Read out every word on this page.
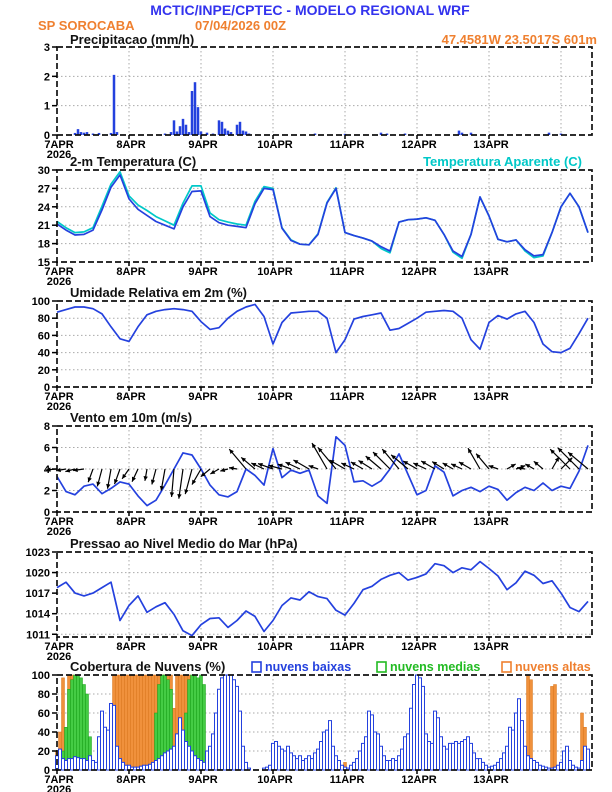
MCTIC/INPE/CPTEC - MODELO REGIONAL WRF
SP SOROCABA	07/04/2026 00Z
47.4581W 23.5017S 601m
Precipitacao (mm/h)
2-m Temperatura (C)	Temperatura Aparente (C)
Umidade Relativa em 2m (%)
Vento em 10m (m/s)
Pressao ao Nivel Medio do Mar (hPa)
Cobertura de Nuvens (%)	nuvens baixas	nuvens medias	nuvens altas
0
1
2
3
7APR
2026
8APR	9APR	10APR	11APR	12APR	13APR
15
18
21
24
27
30
7APR
2026
8APR	9APR	10APR	11APR	12APR	13APR
0
20
40
60
80
100
7APR
2026
8APR	9APR	10APR	11APR	12APR	13APR
0
2
4
6
8
7APR
2026
8APR	9APR	10APR	11APR	12APR	13APR
1011
1014
1017
1020
1023
7APR
2026
8APR	9APR	10APR	11APR	12APR	13APR
0
20
40
60
80
100
7APR
2026
8APR	9APR	10APR	11APR	12APR	13APR
